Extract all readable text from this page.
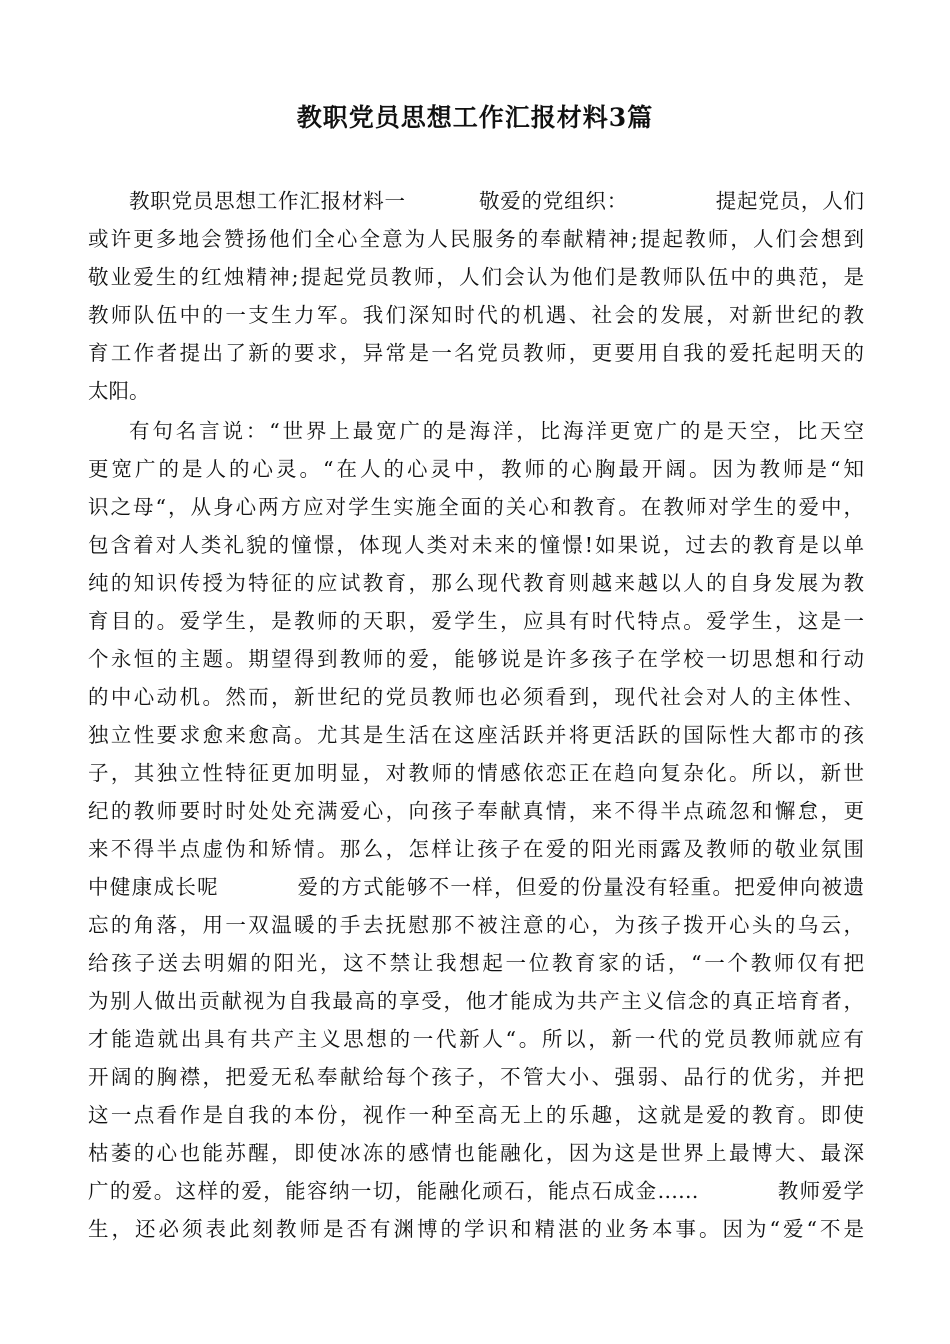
教职党员思想工作汇报材料3篇
教职党员思想工作汇报材料一          敬爱的党组织：            提起党员，人们
或许更多地会赞扬他们全心全意为人民服务的奉献精神;提起教师，人们会想到
敬业爱生的红烛精神;提起党员教师，人们会认为他们是教师队伍中的典范，是
教师队伍中的一支生力军。我们深知时代的机遇、社会的发展，对新世纪的教
育工作者提出了新的要求，异常是一名党员教师，更要用自我的爱托起明天的
太阳。
有句名言说：“世界上最宽广的是海洋，比海洋更宽广的是天空，比天空
更宽广的是人的心灵。“在人的心灵中，教师的心胸最开阔。因为教师是“知
识之母“，从身心两方应对学生实施全面的关心和教育。在教师对学生的爱中，
包含着对人类礼貌的憧憬，体现人类对未来的憧憬!如果说，过去的教育是以单
纯的知识传授为特征的应试教育，那么现代教育则越来越以人的自身发展为教
育目的。爱学生，是教师的天职，爱学生，应具有时代特点。爱学生，这是一
个永恒的主题。期望得到教师的爱，能够说是许多孩子在学校一切思想和行动
的中心动机。然而，新世纪的党员教师也必须看到，现代社会对人的主体性、
独立性要求愈来愈高。尤其是生活在这座活跃并将更活跃的国际性大都市的孩
子，其独立性特征更加明显，对教师的情感依恋正在趋向复杂化。所以，新世
纪的教师要时时处处充满爱心，向孩子奉献真情，来不得半点疏忽和懈怠，更
来不得半点虚伪和矫情。那么，怎样让孩子在爱的阳光雨露及教师的敬业氛围
中健康成长呢          爱的方式能够不一样，但爱的份量没有轻重。把爱伸向被遗
忘的角落，用一双温暖的手去抚慰那不被注意的心，为孩子拨开心头的乌云，
给孩子送去明媚的阳光，这不禁让我想起一位教育家的话，“一个教师仅有把
为别人做出贡献视为自我最高的享受，他才能成为共产主义信念的真正培育者，
才能造就出具有共产主义思想的一代新人“。所以，新一代的党员教师就应有
开阔的胸襟，把爱无私奉献给每个孩子，不管大小、强弱、品行的优劣，并把
这一点看作是自我的本份，视作一种至高无上的乐趣，这就是爱的教育。即使
枯萎的心也能苏醒，即使冰冻的感情也能融化，因为这是世界上最博大、最深
广的爱。这样的爱，能容纳一切，能融化顽石，能点石成金……          教师爱学
生，还必须表此刻教师是否有渊博的学识和精湛的业务本事。因为“爱“不是
